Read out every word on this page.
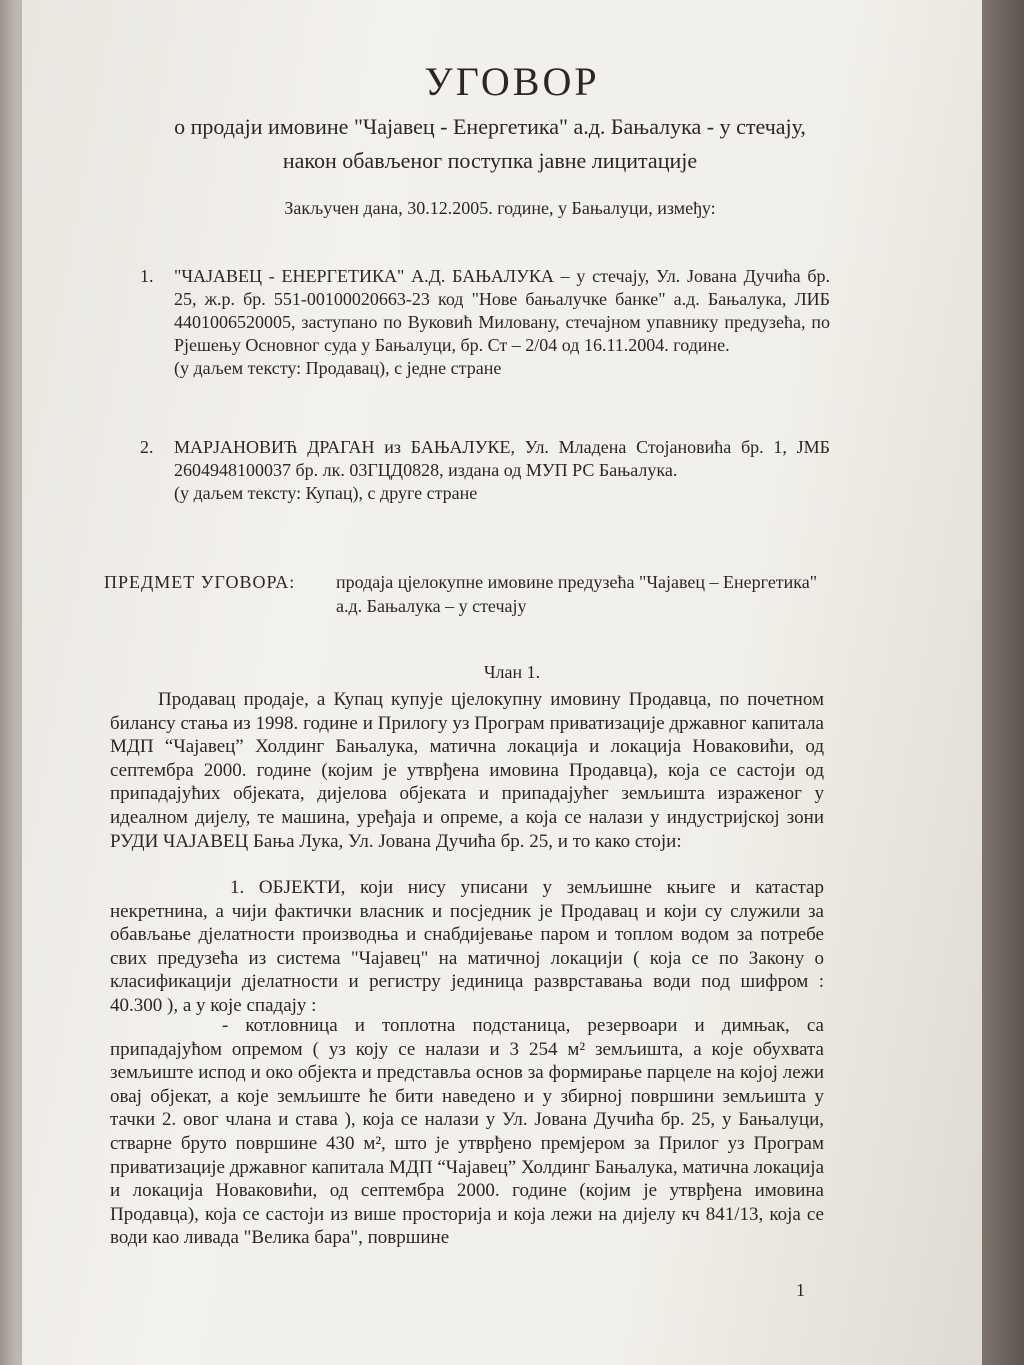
УГОВОР

о продаји имовине "Чајавец - Енергетика" а.д. Бањалука - у стечају, након обављеног поступка јавне лицитације

Закључен дана, 30.12.2005. године, у Бањалуци, између:
1.	"ЧАЈАВЕЦ - ЕНЕРГЕТИКА" А.Д. БАЊАЛУКА – у стечају, Ул. Јована Дучића бр. 25, ж.р. бр. 551-00100020663-23 код "Нове бањалучке банке" а.д. Бањалука, ЛИБ 4401006520005, заступано по Вуковић Миловану, стечајном упавнику предузећа, по Рјешењу Основног суда у Бањалуци, бр. Ст – 2/04 од 16.11.2004. године.
(у даљем тексту: Продавац), с једне стране
2.	МАРЈАНОВИЋ ДРАГАН из БАЊАЛУКЕ, Ул. Младена Стојановића бр. 1, ЈМБ 2604948100037 бр. лк. 03ГЦД0828, издана од МУП РС Бањалука.
(у даљем тексту: Купац), с друге стране
ПРЕДМЕТ УГОВОРА: продаја цјелокупне имовине предузећа "Чајавец – Енергетика" а.д. Бањалука – у стечају
Члан 1.

Продавац продаје, а Купац купује цјелокупну имовину Продавца, по почетном билансу стања из 1998. године и Прилогу уз Програм приватизације државног капитала МДП “Чајавец” Холдинг Бањалука, матична локација и локација Новаковићи, од септембра 2000. године (којим је утврђена имовина Продавца), која се састоји од припадајућих објеката, дијелова објеката и припадајућег земљишта израженог у идеалном дијелу, те машина, уређаја и опреме, а која се налази у индустријској зони РУДИ ЧАЈАВЕЦ Бања Лука, Ул. Јована Дучића бр. 25, и то како стоји:

1. ОБЈЕКТИ, који нису уписани у земљишне књиге и катастар некретнина, а чији фактички власник и посједник је Продавац и који су служили за обављање дјелатности производња и снабдијевање паром и топлом водом за потребе свих предузећа из система "Чајавец" на матичној локацији ( која се по Закону о класификацији дјелатности и регистру јединица разврставања води под шифром : 40.300 ), а у које спадају :

- котловница и топлотна подстаница, резервоари и димњак, са припадајућом опремом ( уз коју се налази и 3 254 м² земљишта, а које обухвата земљиште испод и око објекта и представља основ за формирање парцеле на којој лежи овај објекат, а које земљиште ће бити наведено и у збирној површини земљишта у тачки 2. овог члана и става ), која се налази у Ул. Јована Дучића бр. 25, у Бањалуци, стварне бруто површине 430 м², што је утврђено премјером за Прилог уз Програм приватизације државног капитала МДП “Чајавец” Холдинг Бањалука, матична локација и локација Новаковићи, од септембра 2000. године (којим је утврђена имовина Продавца), која се састоји из више просторија и која лежи на дијелу кч 841/13, која се води као ливада "Велика бара", површине

1
